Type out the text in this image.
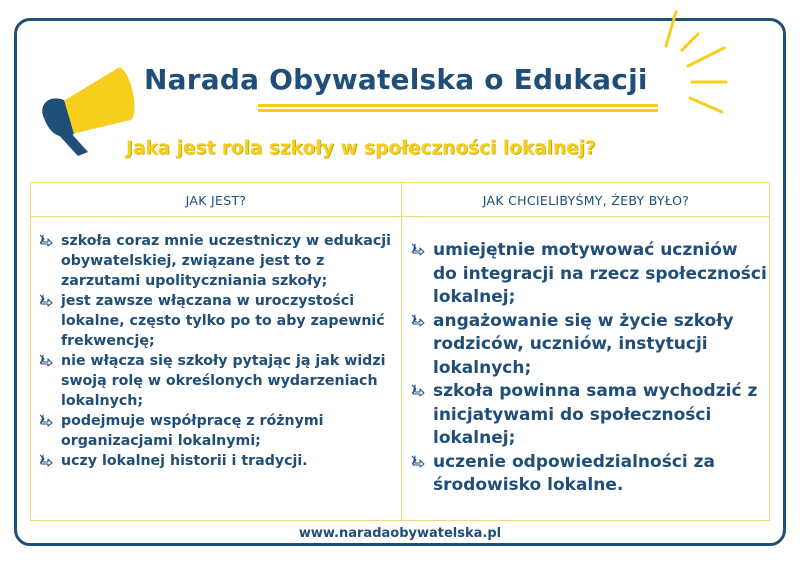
Narada Obywatelska o Edukacji
Jaka jest rola szkoły w społeczności lokalnej?
JAK JEST?	JAK CHCIELIBYŚMY, ŻEBY BYŁO?
szkoła coraz mnie uczestniczy w edukacji obywatelskiej, związane jest to z zarzutami upolityczniania szkoły;
jest zawsze włączana w uroczystości lokalne, często tylko po to aby zapewnić frekwencję;
nie włącza się szkoły pytając ją jak widzi swoją rolę w określonych wydarzeniach lokalnych;
podejmuje współpracę z różnymi organizacjami lokalnymi;
uczy lokalnej historii i tradycji.
umiejętnie motywować uczniów do integracji na rzecz społeczności lokalnej;
angażowanie się w życie szkoły rodziców, uczniów, instytucji lokalnych;
szkoła powinna sama wychodzić z inicjatywami do społeczności lokalnej;
uczenie odpowiedzialności za środowisko lokalne.
www.naradaobywatelska.pl
